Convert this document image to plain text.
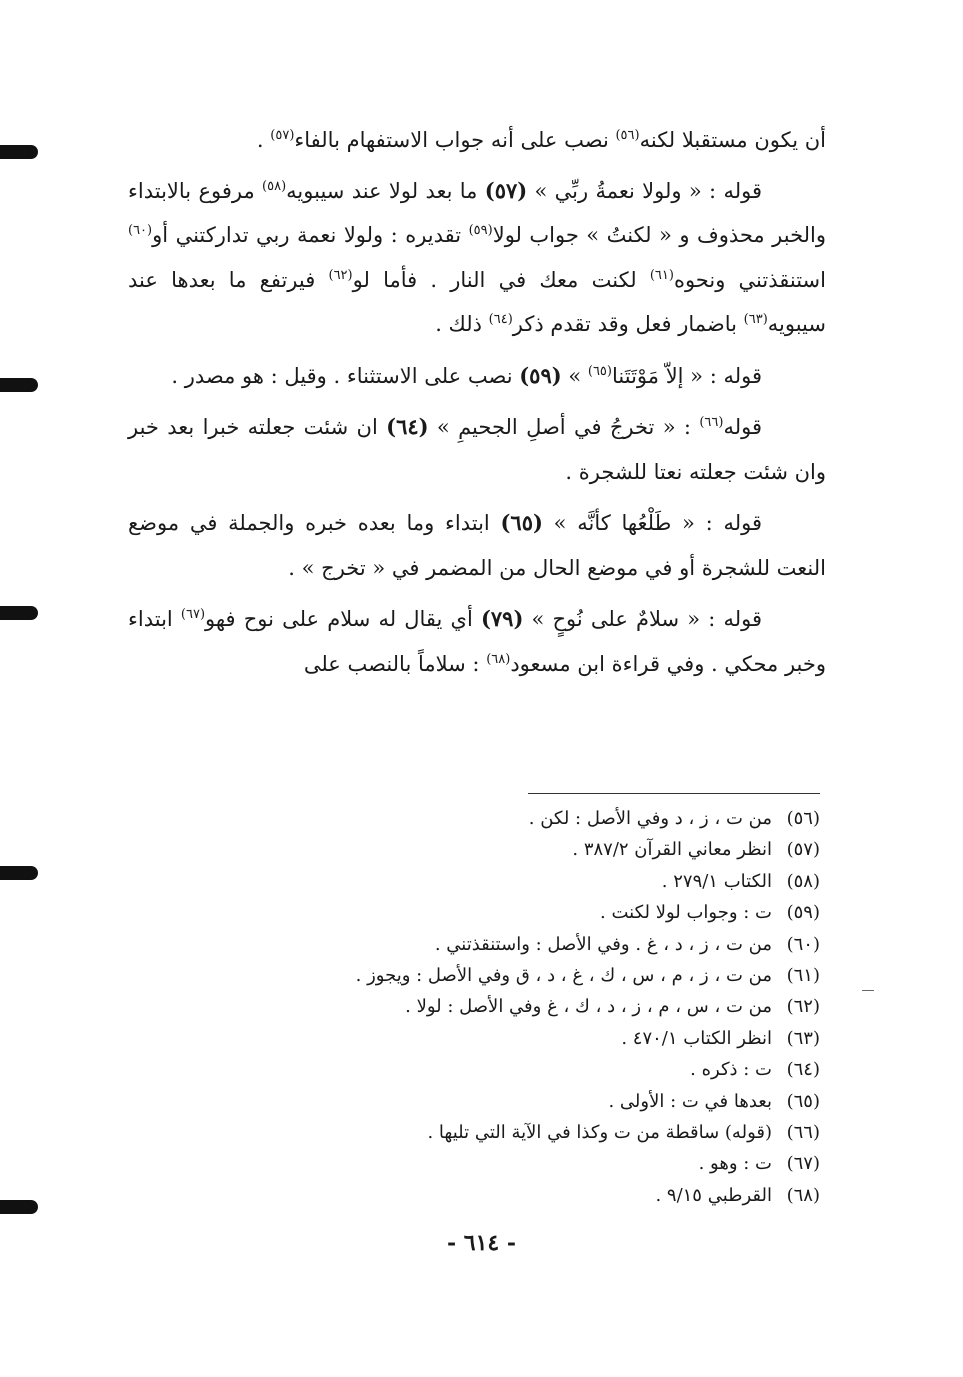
أن يكون مستقبلا لكنه$^{(٥٦)}$ نصب على أنه جواب الاستفهام بالفاء$^{(٥٧)}$ .

قوله : « ولولا نعمةُ ربِّي » (٥٧) ما بعد لولا عند سيبويه$^{(٥٨)}$ مرفوع بالابتداء والخبر محذوف و « لكنتُ » جواب لولا$^{(٥٩)}$ تقديره : ولولا نعمة ربي تداركتني أو$^{(٦٠)}$ استنقذتني ونحوه$^{(٦١)}$ لكنت معك في النار . فأما لو$^{(٦٢)}$ فيرتفع ما بعدها عند سيبويه$^{(٦٣)}$ باضمار فعل وقد تقدم ذكر$^{(٦٤)}$ ذلك .

قوله : « إلاّ مَوْتَتَنا$^{(٦٥)}$ » (٥٩) نصب على الاستثناء . وقيل : هو مصدر .

قوله$^{(٦٦)}$ : « تخرجُ في أصلِ الجحيمِ » (٦٤) ان شئت جعلته خبرا بعد خبر وان شئت جعلته نعتا للشجرة .

قوله : « طَلْعُها كأنَّه » (٦٥) ابتداء وما بعده خبره والجملة في موضع النعت للشجرة أو في موضع الحال من المضمر في « تخرج » .

قوله : « سلامٌ على نُوحٍ » (٧٩) أي يقال له سلام على نوح فهو$^{(٦٧)}$ ابتداء وخبر محكي . وفي قراءة ابن مسعود$^{(٦٨)}$ : سلاماً بالنصب على

(٥٦)من ت ، ز ، د وفي الأصل : لكن .
(٥٧)انظر معاني القرآن ٣٨٧/٢ .
(٥٨)الكتاب ٢٧٩/١ .
(٥٩)ت : وجواب لولا لكنت .
(٦٠)من ت ، ز ، د ، غ . وفي الأصل : واستنقذتني .
(٦١)من ت ، ز ، م ، س ، ك ، غ ، د ، ق وفي الأصل : ويجوز .
(٦٢)من ت ، س ، م ، ز ، د ، ك ، غ وفي الأصل : لولا .
(٦٣)انظر الكتاب ٤٧٠/١ .
(٦٤)ت : ذكره .
(٦٥)بعدها في ت : الأولى .
(٦٦)(قوله) ساقطة من ت وكذا في الآية التي تليها .
(٦٧)ت : وهو .
(٦٨)القرطبي ٩/١٥ .
- ٦١٤ -
